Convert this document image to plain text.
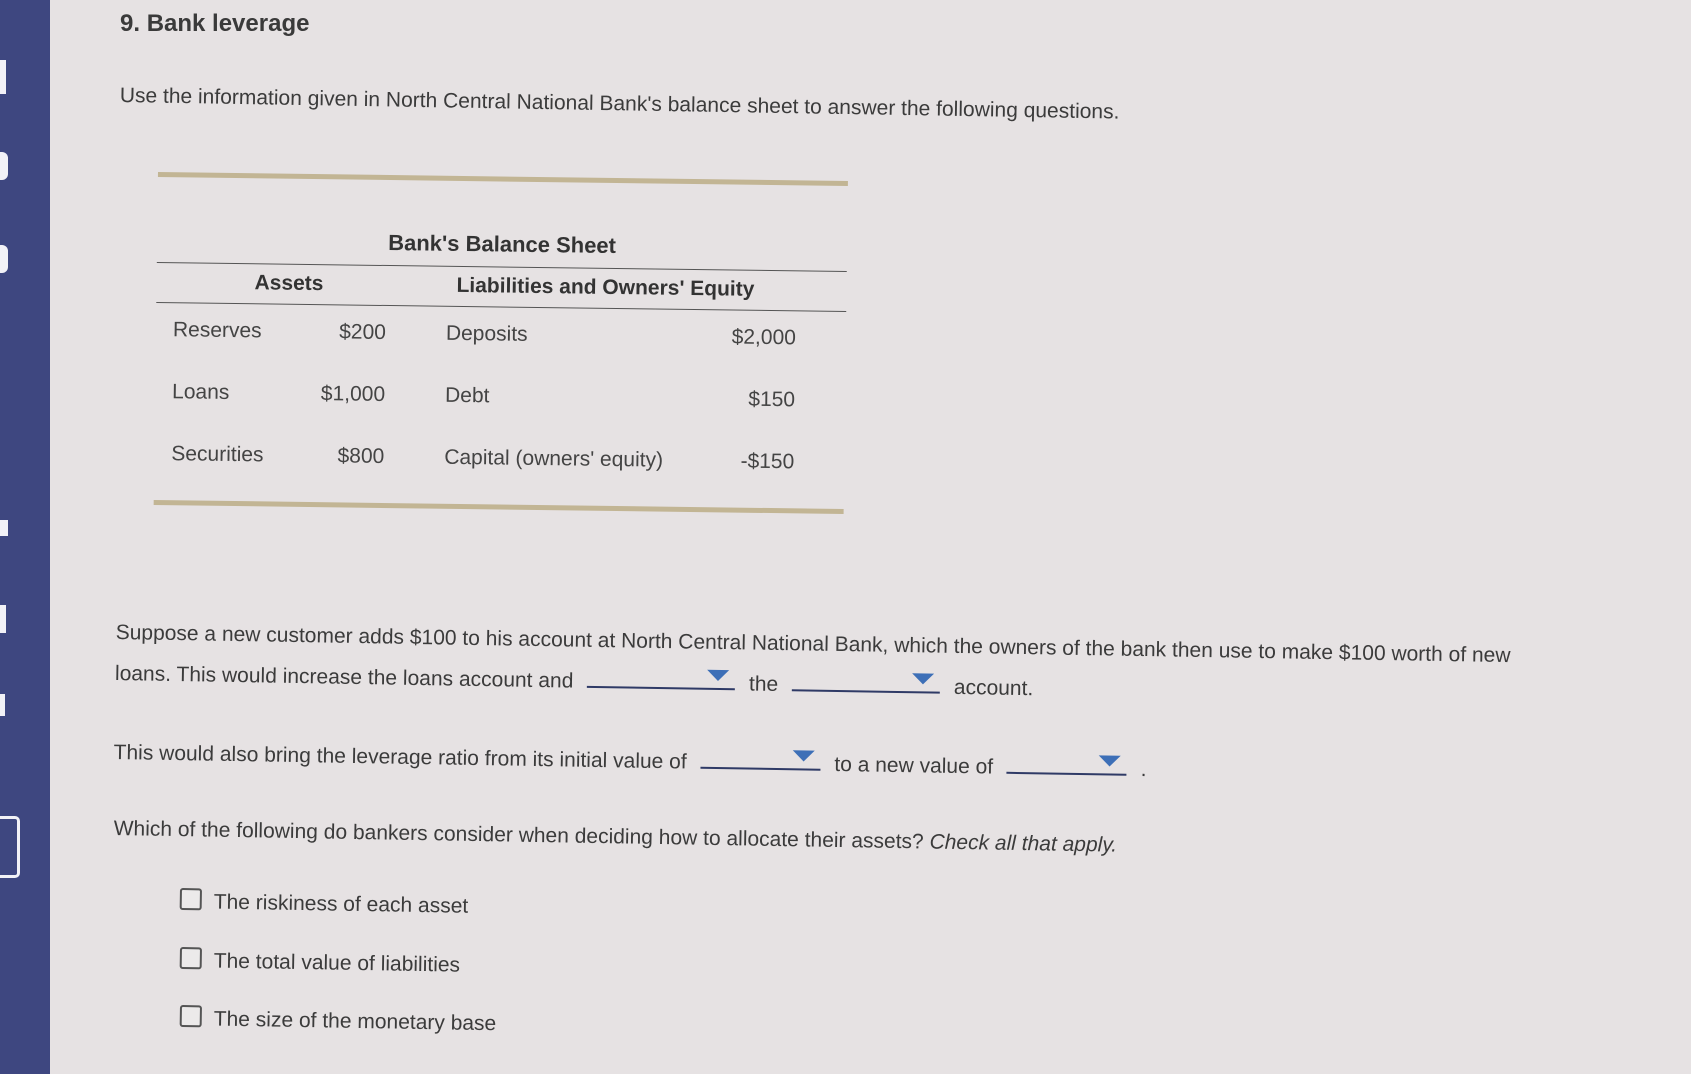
9. Bank leverage
Use the information given in North Central National Bank's balance sheet to answer the following questions.
Bank's Balance Sheet
Assets	Liabilities and Owners' Equity
Reserves	$200	Deposits	$2,000
Loans	$1,000	Debt	$150
Securities	$800	Capital (owners' equity)	-$150
Suppose a new customer adds $100 to his account at North Central National Bank, which the owners of the bank then use to make $100 worth of new
loans. This would increase the loans account and	the	account.
This would also bring the leverage ratio from its initial value of	to a new value of	.
Which of the following do bankers consider when deciding how to allocate their assets? Check all that apply.
The riskiness of each asset
The total value of liabilities
The size of the monetary base
